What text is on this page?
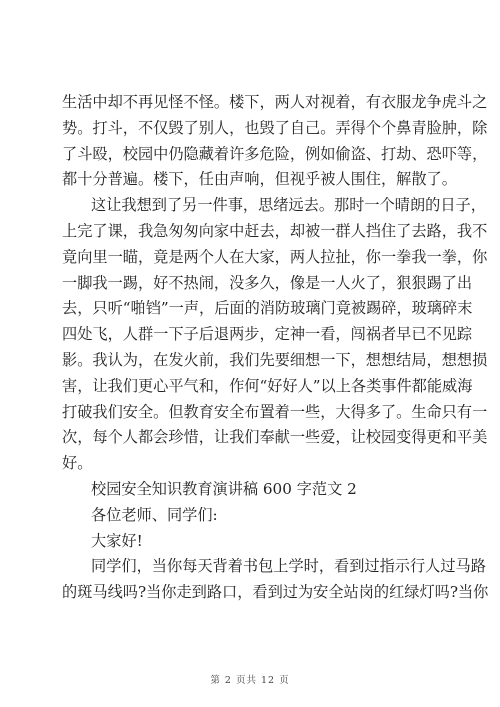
生活中却不再见怪不怪。楼下，两人对视着，有衣服龙争虎斗之
势。打斗，不仅毁了别人，也毁了自己。弄得个个鼻青脸肿，除
了斗殴，校园中仍隐藏着许多危险，例如偷盗、打劫、恐吓等，
都十分普遍。楼下，任由声响，但视乎被人围住，解散了。
这让我想到了另一件事，思绪远去。那时一个晴朗的日子，
上完了课，我急匆匆向家中赶去，却被一群人挡住了去路，我不
竟向里一瞄，竟是两个人在大家，两人拉扯，你一拳我一拳，你
一脚我一踢，好不热闹，没多久，像是一人火了，狠狠踢了出
去，只听“啪铛”一声，后面的消防玻璃门竟被踢碎，玻璃碎末
四处飞，人群一下子后退两步，定神一看，闯祸者早已不见踪
影。我认为，在发火前，我们先要细想一下，想想结局，想想损
害，让我们更心平气和，作何“好好人”以上各类事件都能威海
打破我们安全。但教育安全布置着一些，大得多了。生命只有一
次，每个人都会珍惜，让我们奉献一些爱，让校园变得更和平美
好。
校园安全知识教育演讲稿 600 字范文 2
各位老师、同学们:
大家好!
同学们，当你每天背着书包上学时，看到过指示行人过马路
的斑马线吗?当你走到路口，看到过为安全站岗的红绿灯吗?当你
第 2 页共 12 页
